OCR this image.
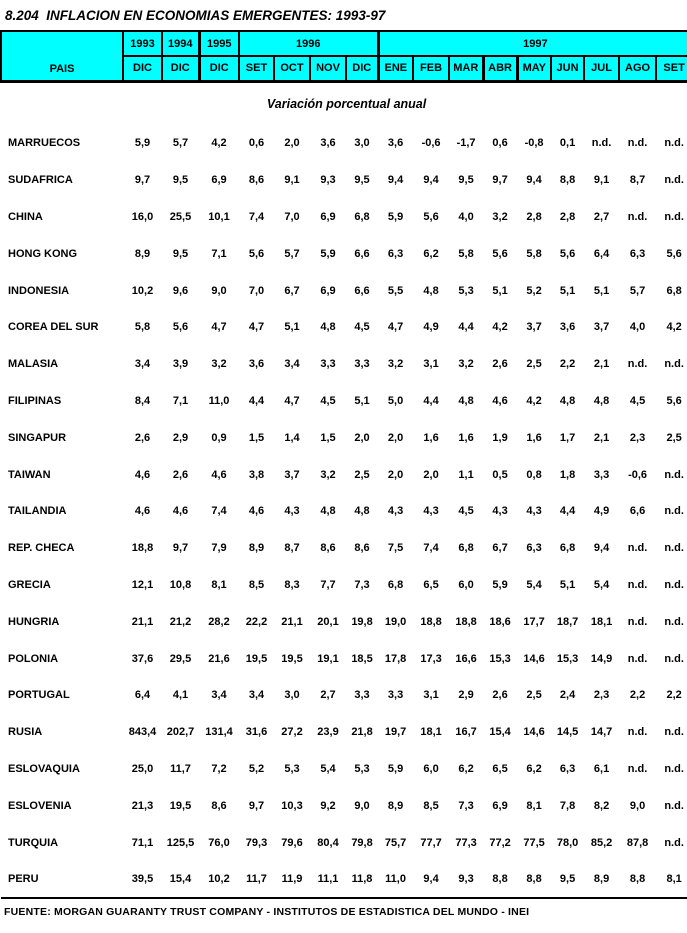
8.204  INFLACION EN ECONOMIAS EMERGENTES: 1993-97
PAIS	1993	1994	1995	1996				1997								
	DIC	DIC	DIC	SET	OCT	NOV	DIC	ENE	FEB	MAR	ABR	MAY	JUN	JUL	AGO	SET
Variación porcentual anual																
MARRUECOS	5,9	5,7	4,2	0,6	2,0	3,6	3,0	3,6	-0,6	-1,7	0,6	-0,8	0,1	n.d.	n.d.	n.d.
SUDAFRICA	9,7	9,5	6,9	8,6	9,1	9,3	9,5	9,4	9,4	9,5	9,7	9,4	8,8	9,1	8,7	n.d.
CHINA	16,0	25,5	10,1	7,4	7,0	6,9	6,8	5,9	5,6	4,0	3,2	2,8	2,8	2,7	n.d.	n.d.
HONG KONG	8,9	9,5	7,1	5,6	5,7	5,9	6,6	6,3	6,2	5,8	5,6	5,8	5,6	6,4	6,3	5,6
INDONESIA	10,2	9,6	9,0	7,0	6,7	6,9	6,6	5,5	4,8	5,3	5,1	5,2	5,1	5,1	5,7	6,8
COREA DEL SUR	5,8	5,6	4,7	4,7	5,1	4,8	4,5	4,7	4,9	4,4	4,2	3,7	3,6	3,7	4,0	4,2
MALASIA	3,4	3,9	3,2	3,6	3,4	3,3	3,3	3,2	3,1	3,2	2,6	2,5	2,2	2,1	n.d.	n.d.
FILIPINAS	8,4	7,1	11,0	4,4	4,7	4,5	5,1	5,0	4,4	4,8	4,6	4,2	4,8	4,8	4,5	5,6
SINGAPUR	2,6	2,9	0,9	1,5	1,4	1,5	2,0	2,0	1,6	1,6	1,9	1,6	1,7	2,1	2,3	2,5
TAIWAN	4,6	2,6	4,6	3,8	3,7	3,2	2,5	2,0	2,0	1,1	0,5	0,8	1,8	3,3	-0,6	n.d.
TAILANDIA	4,6	4,6	7,4	4,6	4,3	4,8	4,8	4,3	4,3	4,5	4,3	4,3	4,4	4,9	6,6	n.d.
REP. CHECA	18,8	9,7	7,9	8,9	8,7	8,6	8,6	7,5	7,4	6,8	6,7	6,3	6,8	9,4	n.d.	n.d.
GRECIA	12,1	10,8	8,1	8,5	8,3	7,7	7,3	6,8	6,5	6,0	5,9	5,4	5,1	5,4	n.d.	n.d.
HUNGRIA	21,1	21,2	28,2	22,2	21,1	20,1	19,8	19,0	18,8	18,8	18,6	17,7	18,7	18,1	n.d.	n.d.
POLONIA	37,6	29,5	21,6	19,5	19,5	19,1	18,5	17,8	17,3	16,6	15,3	14,6	15,3	14,9	n.d.	n.d.
PORTUGAL	6,4	4,1	3,4	3,4	3,0	2,7	3,3	3,3	3,1	2,9	2,6	2,5	2,4	2,3	2,2	2,2
RUSIA	843,4	202,7	131,4	31,6	27,2	23,9	21,8	19,7	18,1	16,7	15,4	14,6	14,5	14,7	n.d.	n.d.
ESLOVAQUIA	25,0	11,7	7,2	5,2	5,3	5,4	5,3	5,9	6,0	6,2	6,5	6,2	6,3	6,1	n.d.	n.d.
ESLOVENIA	21,3	19,5	8,6	9,7	10,3	9,2	9,0	8,9	8,5	7,3	6,9	8,1	7,8	8,2	9,0	n.d.
TURQUIA	71,1	125,5	76,0	79,3	79,6	80,4	79,8	75,7	77,7	77,3	77,2	77,5	78,0	85,2	87,8	n.d.
PERU	39,5	15,4	10,2	11,7	11,9	11,1	11,8	11,0	9,4	9,3	8,8	8,8	9,5	8,9	8,8	8,1
FUENTE: MORGAN GUARANTY TRUST COMPANY - INSTITUTOS DE ESTADISTICA DEL MUNDO - INEI
